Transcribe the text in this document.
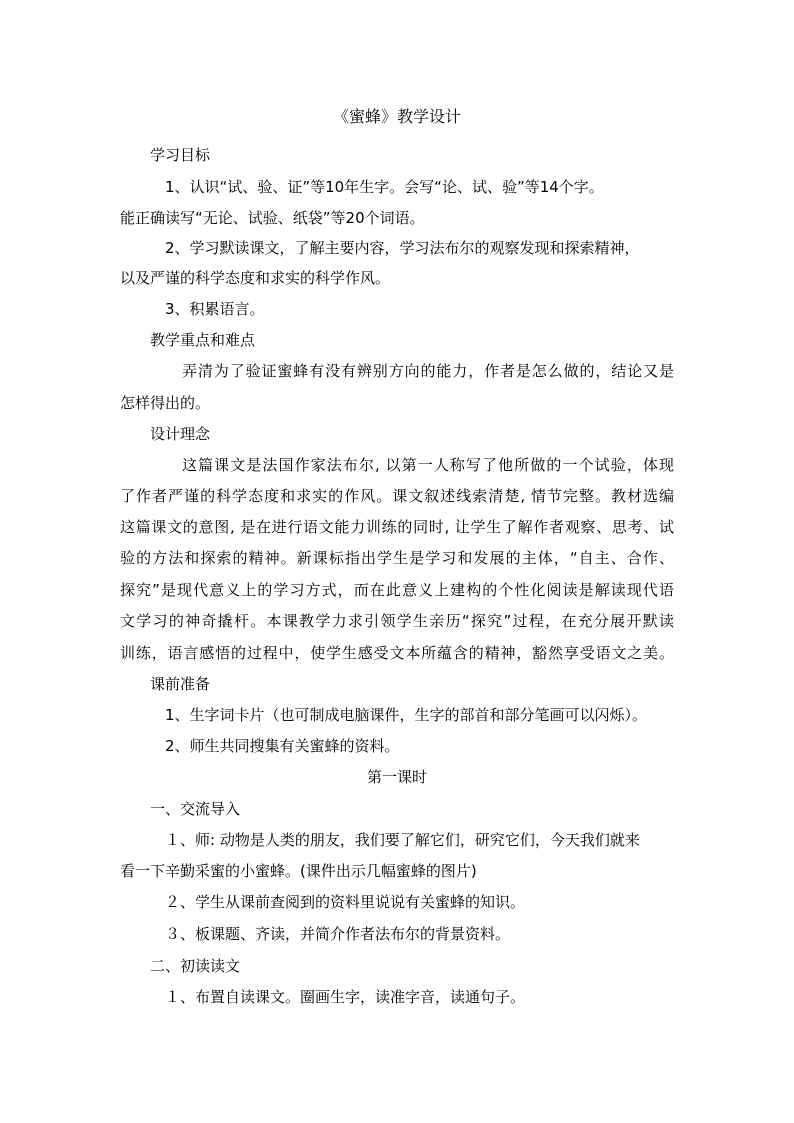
《蜜蜂》教学设计
学习目标
1、认识“试、验、证”等10年生字。会写“论、试、验”等14个字。
能正确读写“无论、试验、纸袋”等20个词语。
2、学习默读课文，了解主要内容，学习法布尔的观察发现和探索精神，
以及严谨的科学态度和求实的科学作风。
3、积累语言。
教学重点和难点
弄清为了验证蜜蜂有没有辨别方向的能力，作者是怎么做的，结论又是
怎样得出的。
设计理念
这篇课文是法国作家法布尔, 以第一人称写了他所做的一个试验，体现
了作者严谨的科学态度和求实的作风。课文叙述线索清楚, 情节完整。教材选编
这篇课文的意图, 是在进行语文能力训练的同时, 让学生了解作者观察、思考、试
验的方法和探索的精神。新课标指出学生是学习和发展的主体，“自主、合作、
探究”是现代意义上的学习方式，而在此意义上建构的个性化阅读是解读现代语
文学习的神奇撬杆。本课教学力求引领学生亲历“探究”过程，在充分展开默读
训练，语言感悟的过程中，使学生感受文本所蕴含的精神，豁然享受语文之美。
课前准备
1、生字词卡片（也可制成电脑课件，生字的部首和部分笔画可以闪烁）。
2、师生共同搜集有关蜜蜂的资料。
第一课时
一、交流导入
１、师: 动物是人类的朋友，我们要了解它们，研究它们，今天我们就来
看一下辛勤采蜜的小蜜蜂。(课件出示几幅蜜蜂的图片)
２、学生从课前查阅到的资料里说说有关蜜蜂的知识。
３、板课题、齐读，并简介作者法布尔的背景资料。
二、初读读文
１、布置自读课文。圈画生字，读准字音，读通句子。
